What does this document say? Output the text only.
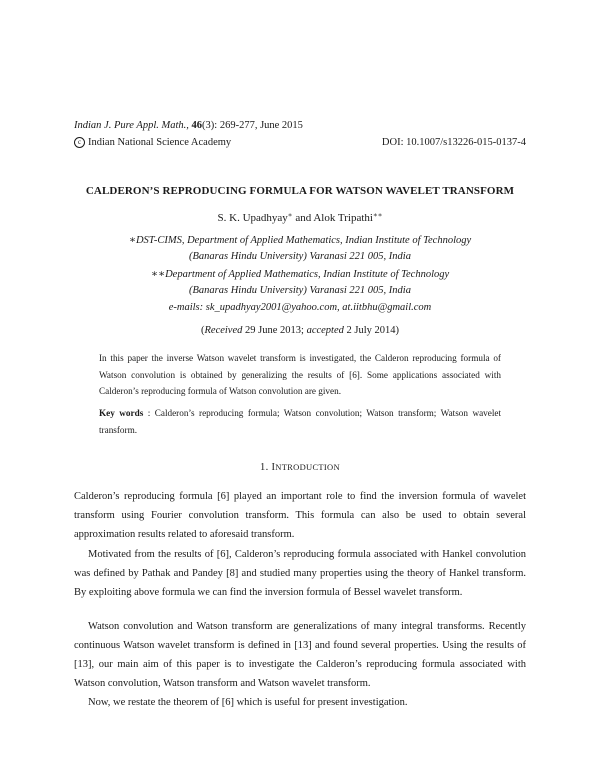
Indian J. Pure Appl. Math., 46(3): 269-277, June 2015
c Indian National Science Academy	DOI: 10.1007/s13226-015-0137-4
CALDERON’S REPRODUCING FORMULA FOR WATSON WAVELET TRANSFORM
S. K. Upadhyay∗ and Alok Tripathi∗∗
∗DST-CIMS, Department of Applied Mathematics, Indian Institute of Technology
(Banaras Hindu University) Varanasi 221 005, India
∗∗Department of Applied Mathematics, Indian Institute of Technology
(Banaras Hindu University) Varanasi 221 005, India
e-mails: sk_upadhyay2001@yahoo.com, at.iitbhu@gmail.com
(Received 29 June 2013; accepted 2 July 2014)
In this paper the inverse Watson wavelet transform is investigated, the Calderon reproducing formula of Watson convolution is obtained by generalizing the results of [6]. Some applications associated with Calderon’s reproducing formula of Watson convolution are given.
Key words : Calderon’s reproducing formula; Watson convolution; Watson transform; Watson wavelet transform.
1. INTRODUCTION
Calderon’s reproducing formula [6] played an important role to find the inversion formula of wavelet transform using Fourier convolution transform. This formula can also be used to obtain several approximation results related to aforesaid transform.
Motivated from the results of [6], Calderon’s reproducing formula associated with Hankel convolution was defined by Pathak and Pandey [8] and studied many properties using the theory of Hankel transform. By exploiting above formula we can find the inversion formula of Bessel wavelet transform.
Watson convolution and Watson transform are generalizations of many integral transforms. Recently continuous Watson wavelet transform is defined in [13] and found several properties. Using the results of [13], our main aim of this paper is to investigate the Calderon’s reproducing formula associated with Watson convolution, Watson transform and Watson wavelet transform.
Now, we restate the theorem of [6] which is useful for present investigation.
